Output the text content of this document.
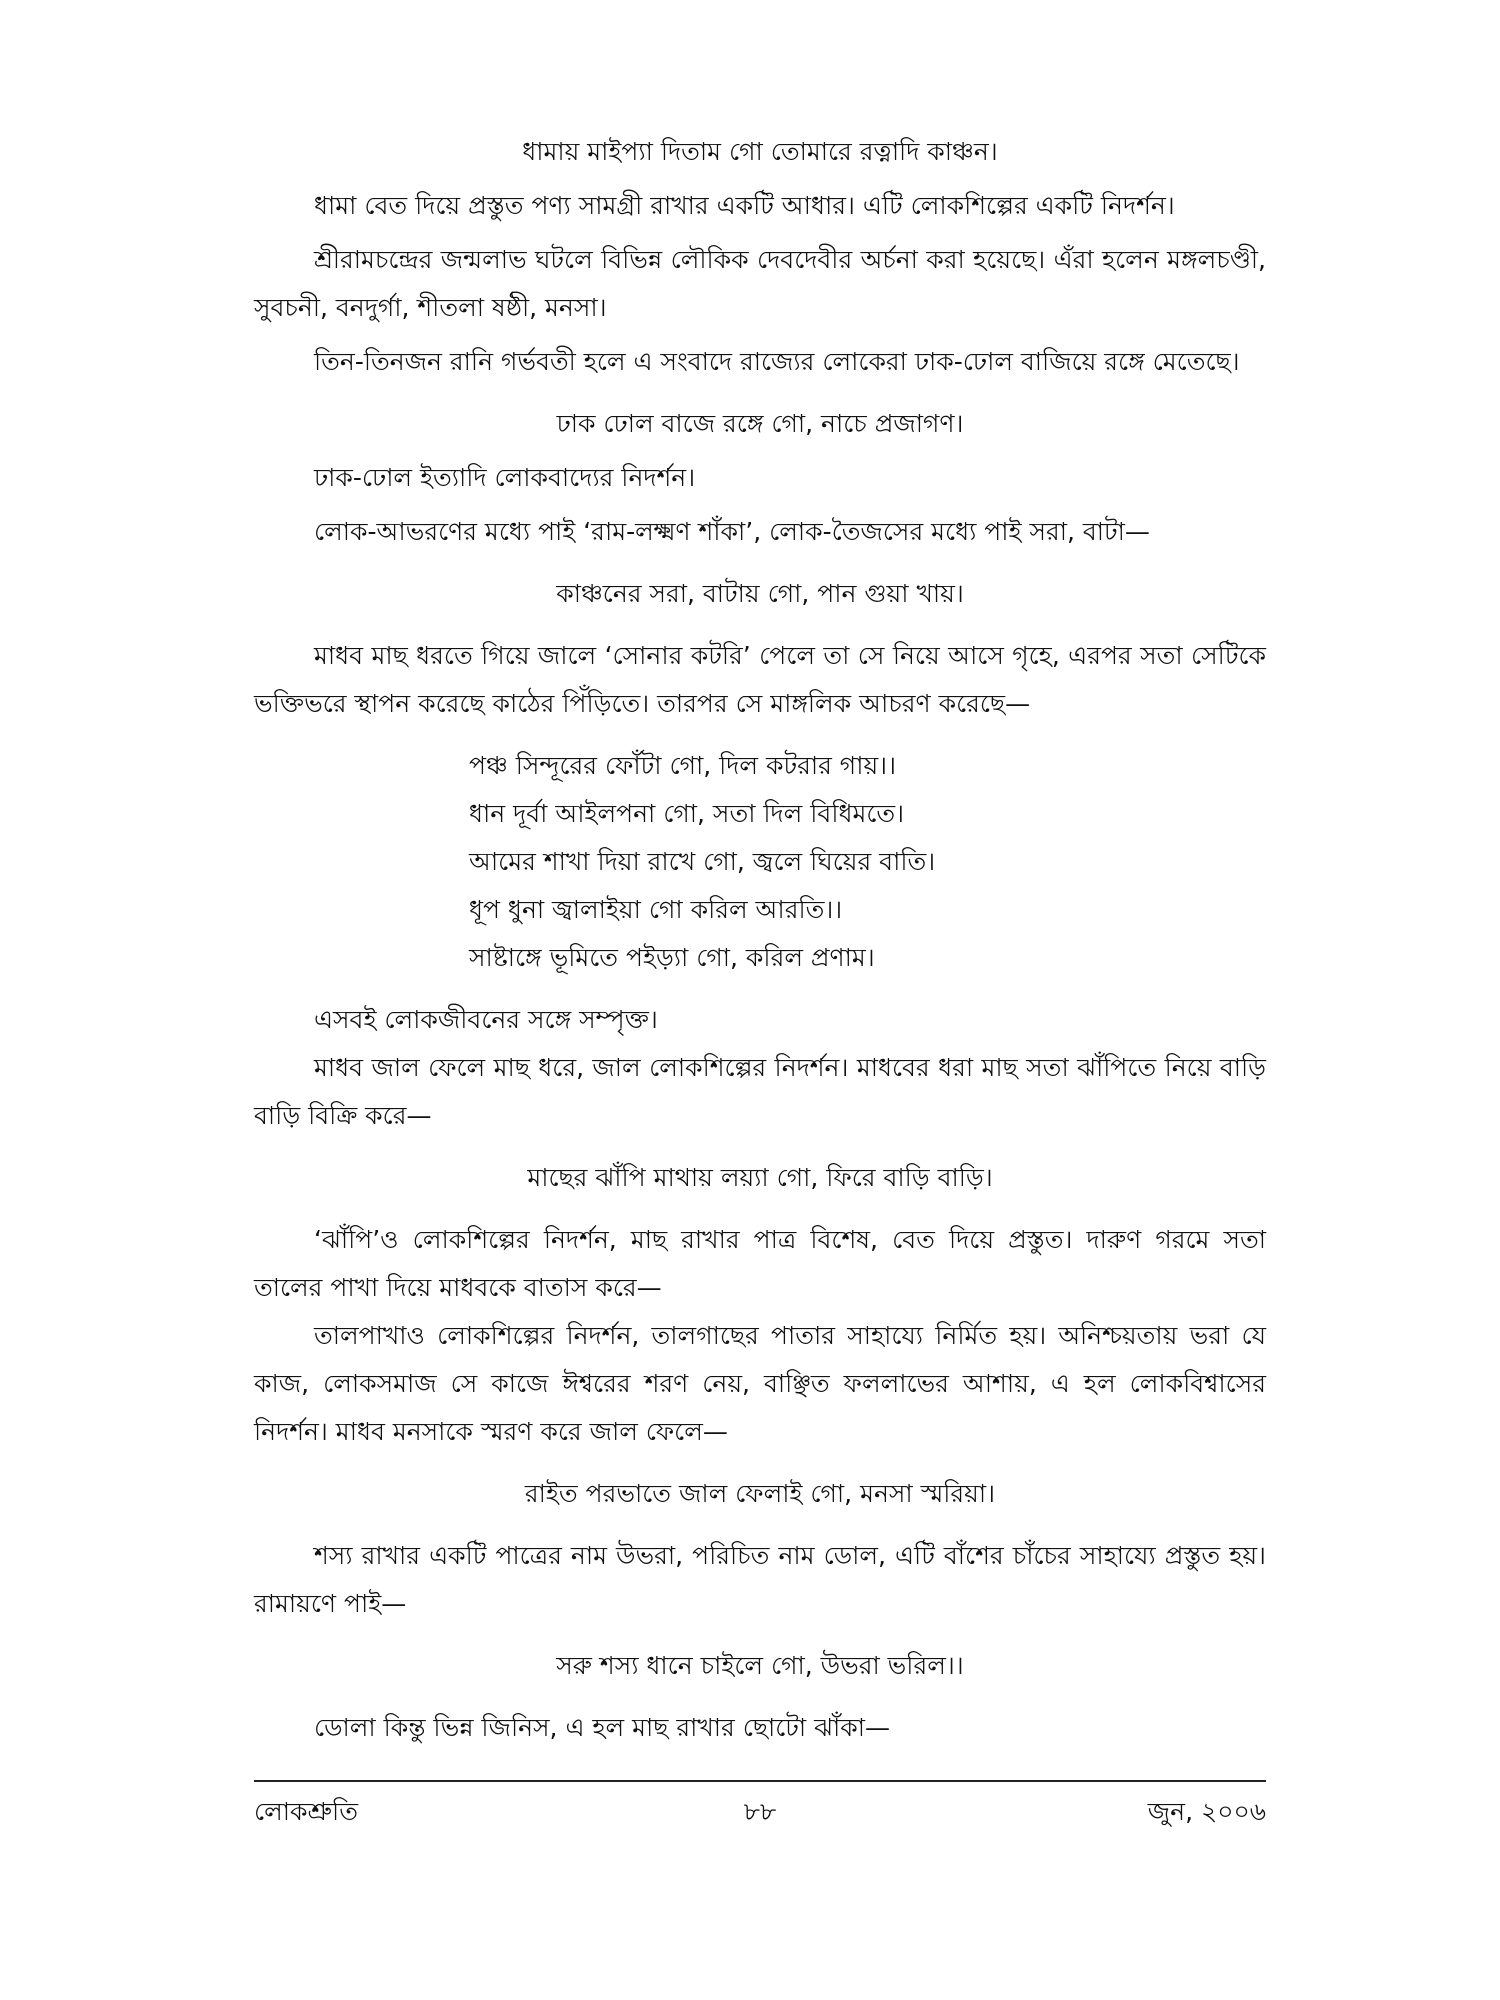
ধামায় মাইপ্যা দিতাম গো তোমারে রত্নাদি কাঞ্চন।

ধামা বেত দিয়ে প্রস্তুত পণ্য সামগ্রী রাখার একটি আধার। এটি লোকশিল্পের একটি নিদর্শন।

শ্রীরামচন্দ্রের জন্মলাভ ঘটলে বিভিন্ন লৌকিক দেবদেবীর অর্চনা করা হয়েছে। এঁরা হলেন মঙ্গলচণ্ডী, সুবচনী, বনদুর্গা, শীতলা ষষ্ঠী, মনসা।

তিন-তিনজন রানি গর্ভবতী হলে এ সংবাদে রাজ্যের লোকেরা ঢাক-ঢোল বাজিয়ে রঙ্গে মেতেছে।

ঢাক ঢোল বাজে রঙ্গে গো, নাচে প্রজাগণ।

ঢাক-ঢোল ইত্যাদি লোকবাদ্যের নিদর্শন।

লোক-আভরণের মধ্যে পাই ‘রাম-লক্ষ্মণ শাঁকা’, লোক-তৈজসের মধ্যে পাই সরা, বাটা—

কাঞ্চনের সরা, বাটায় গো, পান গুয়া খায়।

মাধব মাছ ধরতে গিয়ে জালে ‘সোনার কটরি’ পেলে তা সে নিয়ে আসে গৃহে, এরপর সতা সেটিকে ভক্তিভরে স্থাপন করেছে কাঠের পিঁড়িতে। তারপর সে মাঙ্গলিক আচরণ করেছে—

পঞ্চ সিন্দূরের ফোঁটা গো, দিল কটরার গায়।।
ধান দূর্বা আইলপনা গো, সতা দিল বিধিমতে।
আমের শাখা দিয়া রাখে গো, জ্বলে ঘিয়ের বাতি।
ধূপ ধুনা জ্বালাইয়া গো করিল আরতি।।
সাষ্টাঙ্গে ভূমিতে পইড়্যা গো, করিল প্রণাম।

এসবই লোকজীবনের সঙ্গে সম্পৃক্ত।

মাধব জাল ফেলে মাছ ধরে, জাল লোকশিল্পের নিদর্শন। মাধবের ধরা মাছ সতা ঝাঁপিতে নিয়ে বাড়ি বাড়ি বিক্রি করে—

মাছের ঝাঁপি মাথায় লয়্যা গো, ফিরে বাড়ি বাড়ি।

‘ঝাঁপি’ও লোকশিল্পের নিদর্শন, মাছ রাখার পাত্র বিশেষ, বেত দিয়ে প্রস্তুত। দারুণ গরমে সতা তালের পাখা দিয়ে মাধবকে বাতাস করে—

তালপাখাও লোকশিল্পের নিদর্শন, তালগাছের পাতার সাহায্যে নির্মিত হয়। অনিশ্চয়তায় ভরা যে কাজ, লোকসমাজ সে কাজে ঈশ্বরের শরণ নেয়, বাঞ্ছিত ফললাভের আশায়, এ হল লোকবিশ্বাসের নিদর্শন। মাধব মনসাকে স্মরণ করে জাল ফেলে—

রাইত পরভাতে জাল ফেলাই গো, মনসা স্মরিয়া।

শস্য রাখার একটি পাত্রের নাম উভরা, পরিচিত নাম ডোল, এটি বাঁশের চাঁচের সাহায্যে প্রস্তুত হয়। রামায়ণে পাই—

সরু শস্য ধানে চাইলে গো, উভরা ভরিল।।

ডোলা কিন্তু ভিন্ন জিনিস, এ হল মাছ রাখার ছোটো ঝাঁকা—

লোকশ্রুতি	৮৮	জুন, ২০০৬
